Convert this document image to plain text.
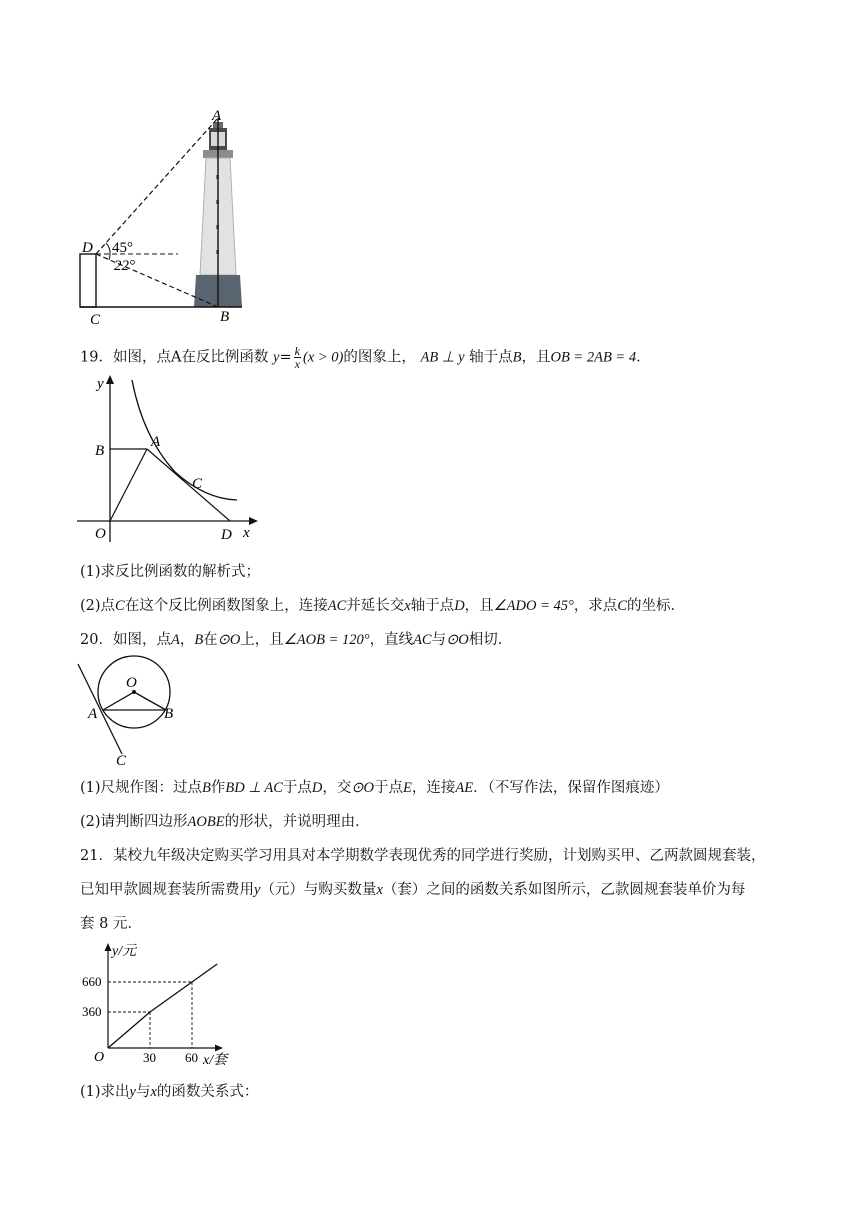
A
B
C
D 45°
22°
19．如图，点A在反比例函数 $y= \frac{k}{x} (x > 0)$的图象上， AB ⊥ y 轴于点B，且OB = 2AB = 4．
y
x
B
A
C
O	D
(1)求反比例函数的解析式；
(2)点C在这个反比例函数图象上，连接AC并延长交x轴于点D，且∠ADO = 45°，求点C的坐标．
20．如图，点A，B在⊙O上，且∠AOB = 120°，直线AC与⊙O相切．
O
A	B
C
(1)尺规作图：过点B作BD ⊥ AC于点D，交⊙O于点E，连接AE．（不写作法，保留作图痕迹）
(2)请判断四边形AOBE的形状，并说明理由．
21．某校九年级决定购买学习用具对本学期数学表现优秀的同学进行奖励，计划购买甲、乙两款圆规套装，
已知甲款圆规套装所需费用y（元）与购买数量x（套）之间的函数关系如图所示，乙款圆规套装单价为每
套 8 元．
30 60
360
660
y/元
x/套
O
(1)求出y与x的函数关系式：
